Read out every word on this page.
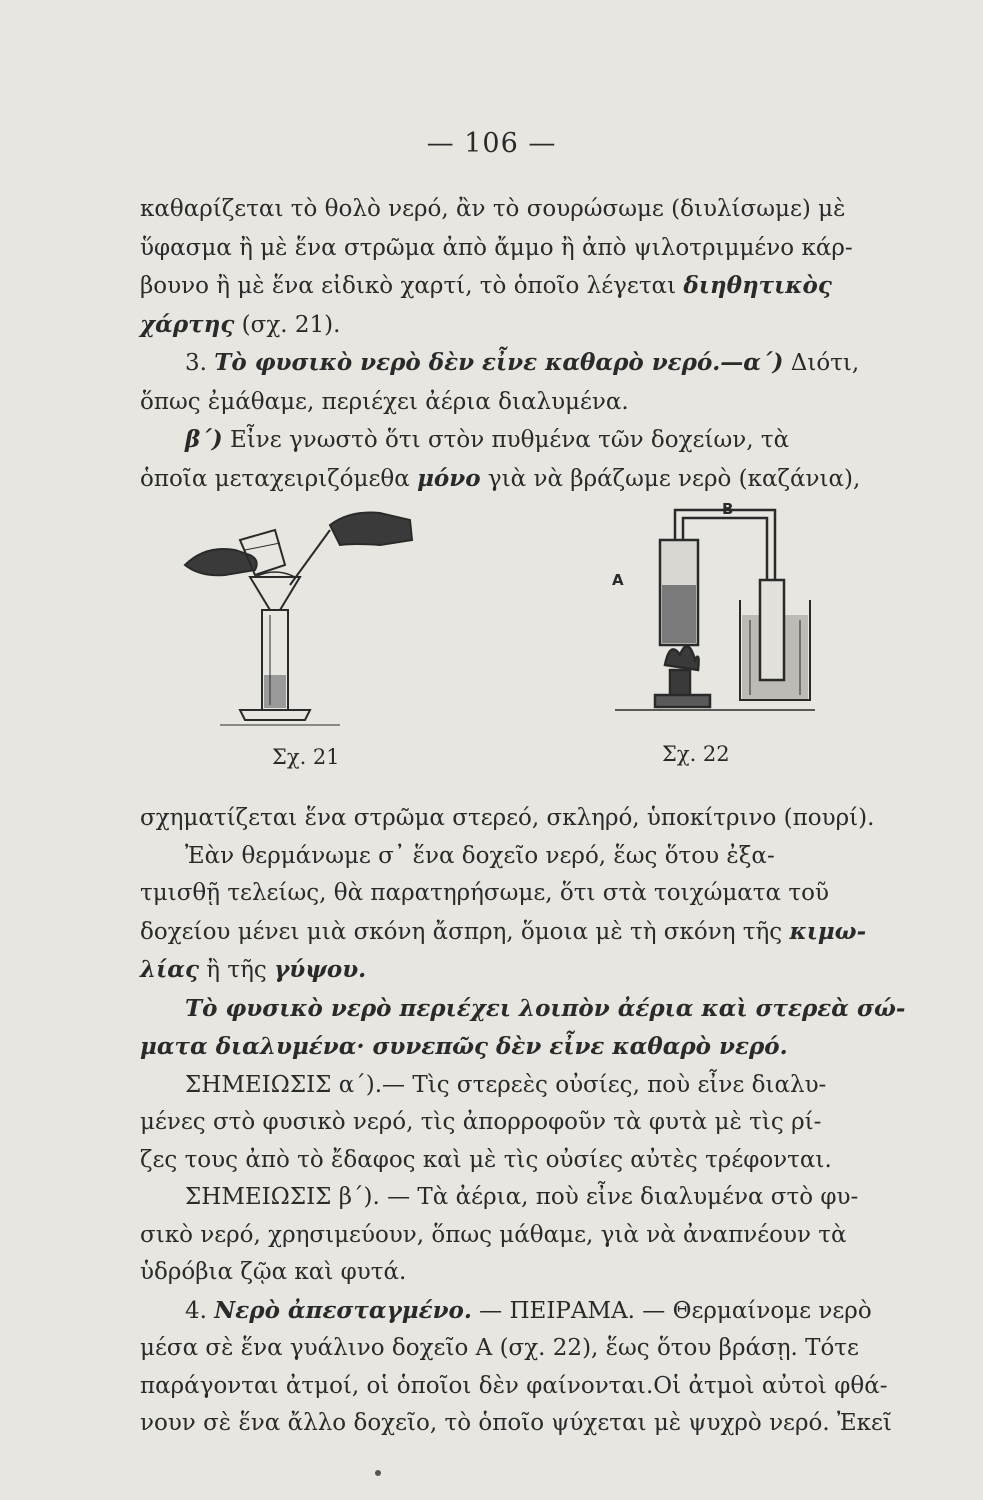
— 106 —
καθαρίζεται τὸ θολὸ νερό, ἂν τὸ σουρώσωμε (διυλίσωμε) μὲ
ὕφασμα ἢ μὲ ἕνα στρῶμα ἀπὸ ἄμμο ἢ ἀπὸ ψιλοτριμμένο κάρ-
βουνο ἢ μὲ ἕνα εἰδικὸ χαρτί, τὸ ὁποῖο λέγεται διηθητικὸς
χάρτης (σχ. 21).
3. Τὸ φυσικὸ νερὸ δὲν εἶνε καθαρὸ νερό.—α΄) Διότι,
ὅπως ἐμάθαμε, περιέχει ἀέρια διαλυμένα.
β΄) Εἶνε γνωστὸ ὅτι στὸν πυθμένα τῶν δοχείων, τὰ
ὁποῖα μεταχειριζόμεθα μόνο γιὰ νὰ βράζωμε νερὸ (καζάνια),
B
A
Σχ. 21	Σχ. 22
σχηματίζεται ἕνα στρῶμα στερεό, σκληρό, ὑποκίτρινο (πουρί).
Ἐὰν θερμάνωμε σ᾽ ἕνα δοχεῖο νερό, ἕως ὅτου ἐξα-
τμισθῇ τελείως, θὰ παρατηρήσωμε, ὅτι στὰ τοιχώματα τοῦ
δοχείου μένει μιὰ σκόνη ἄσπρη, ὅμοια μὲ τὴ σκόνη τῆς κιμω-
λίας ἢ τῆς γύψου.
Τὸ φυσικὸ νερὸ περιέχει λοιπὸν ἀέρια καὶ στερεὰ σώ-
ματα διαλυμένα· συνεπῶς δὲν εἶνε καθαρὸ νερό.
ΣΗΜΕΙΩΣΙΣ α΄).— Τὶς στερεὲς οὐσίες, ποὺ εἶνε διαλυ-
μένες στὸ φυσικὸ νερό, τὶς ἀπορροφοῦν τὰ φυτὰ μὲ τὶς ρί-
ζες τους ἀπὸ τὸ ἔδαφος καὶ μὲ τὶς οὐσίες αὐτὲς τρέφονται.
ΣΗΜΕΙΩΣΙΣ β΄). — Τὰ ἀέρια, ποὺ εἶνε διαλυμένα στὸ φυ-
σικὸ νερό, χρησιμεύουν, ὅπως μάθαμε, γιὰ νὰ ἀναπνέουν τὰ
ὑδρόβια ζῷα καὶ φυτά.
4. Νερὸ ἀπεσταγμένο. — ΠΕΙΡΑΜΑ. — Θερμαίνομε νερὸ
μέσα σὲ ἕνα γυάλινο δοχεῖο Α (σχ. 22), ἕως ὅτου βράσῃ. Τότε
παράγονται ἀτμοί, οἱ ὁποῖοι δὲν φαίνονται.Οἱ ἀτμοὶ αὐτοὶ φθά-
νουν σὲ ἕνα ἄλλο δοχεῖο, τὸ ὁποῖο ψύχεται μὲ ψυχρὸ νερό. Ἐκεῖ
